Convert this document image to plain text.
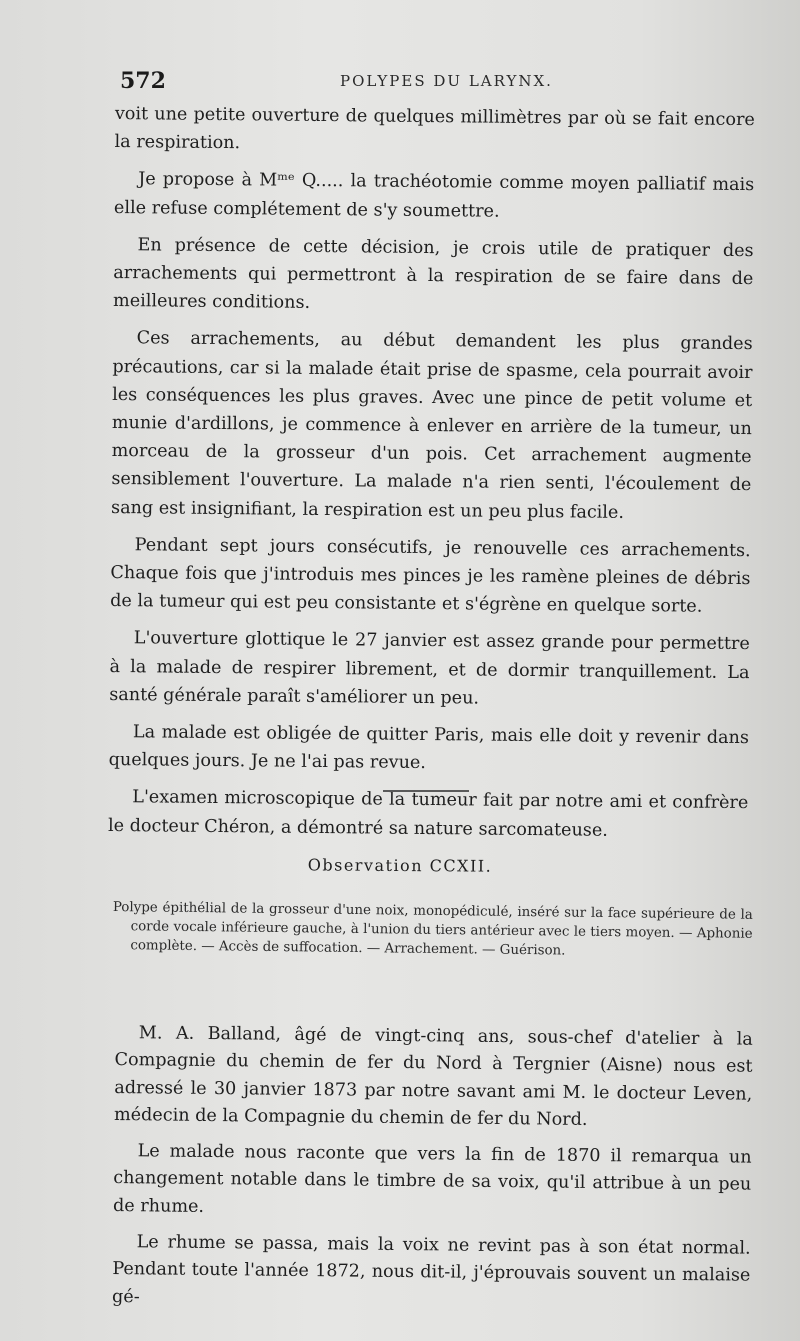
572	POLYPES DU LARYNX.

voit une petite ouverture de quelques millimètres par où se fait encore la respiration.

Je propose à Mᵐᵉ Q..... la trachéotomie comme moyen palliatif mais elle refuse complétement de s'y soumettre.

En présence de cette décision, je crois utile de pratiquer des arrachements qui permettront à la respiration de se faire dans de meilleures conditions.

Ces arrachements, au début demandent les plus grandes précautions, car si la malade était prise de spasme, cela pourrait avoir les conséquences les plus graves. Avec une pince de petit volume et munie d'ardillons, je commence à enlever en arrière de la tumeur, un morceau de la grosseur d'un pois. Cet arrachement augmente sensiblement l'ouverture. La malade n'a rien senti, l'écoulement de sang est insignifiant, la respiration est un peu plus facile.

Pendant sept jours consécutifs, je renouvelle ces arrachements. Chaque fois que j'introduis mes pinces je les ramène pleines de débris de la tumeur qui est peu consistante et s'égrène en quelque sorte.

L'ouverture glottique le 27 janvier est assez grande pour permettre à la malade de respirer librement, et de dormir tranquillement. La santé générale paraît s'améliorer un peu.

La malade est obligée de quitter Paris, mais elle doit y revenir dans quelques jours. Je ne l'ai pas revue.

L'examen microscopique de la tumeur fait par notre ami et confrère le docteur Chéron, a démontré sa nature sarcomateuse.

Observation CCXII.

Polype épithélial de la grosseur d'une noix, monopédiculé, inséré sur la face supérieure de la corde vocale inférieure gauche, à l'union du tiers antérieur avec le tiers moyen. — Aphonie complète. — Accès de suffocation. — Arrachement. — Guérison.

M. A. Balland, âgé de vingt-cinq ans, sous-chef d'atelier à la Compagnie du chemin de fer du Nord à Tergnier (Aisne) nous est adressé le 30 janvier 1873 par notre savant ami M. le docteur Leven, médecin de la Compagnie du chemin de fer du Nord.

Le malade nous raconte que vers la fin de 1870 il remarqua un changement notable dans le timbre de sa voix, qu'il attribue à un peu de rhume.

Le rhume se passa, mais la voix ne revint pas à son état normal. Pendant toute l'année 1872, nous dit-il, j'éprouvais souvent un malaise gé-
